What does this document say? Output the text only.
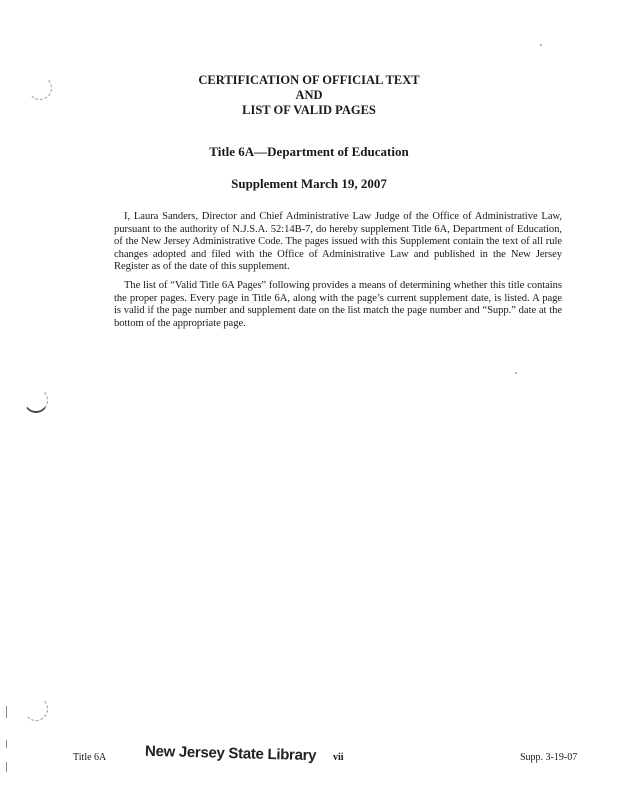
CERTIFICATION OF OFFICIAL TEXT
AND
LIST OF VALID PAGES
Title 6A—Department of Education
Supplement March 19, 2007
I, Laura Sanders, Director and Chief Administrative Law Judge of the Office of Administrative Law, pursuant to the authority of N.J.S.A. 52:14B-7, do hereby supplement Title 6A, Department of Education, of the New Jersey Administrative Code. The pages issued with this Supplement contain the text of all rule changes adopted and filed with the Office of Administrative Law and published in the New Jersey Register as of the date of this supplement.
The list of “Valid Title 6A Pages” following provides a means of determining whether this title contains the proper pages. Every page in Title 6A, along with the page’s current supplement date, is listed. A page is valid if the page number and supplement date on the list match the page number and “Supp.” date at the bottom of the appropriate page.
Title 6A	New Jersey State Library vii	Supp. 3-19-07
